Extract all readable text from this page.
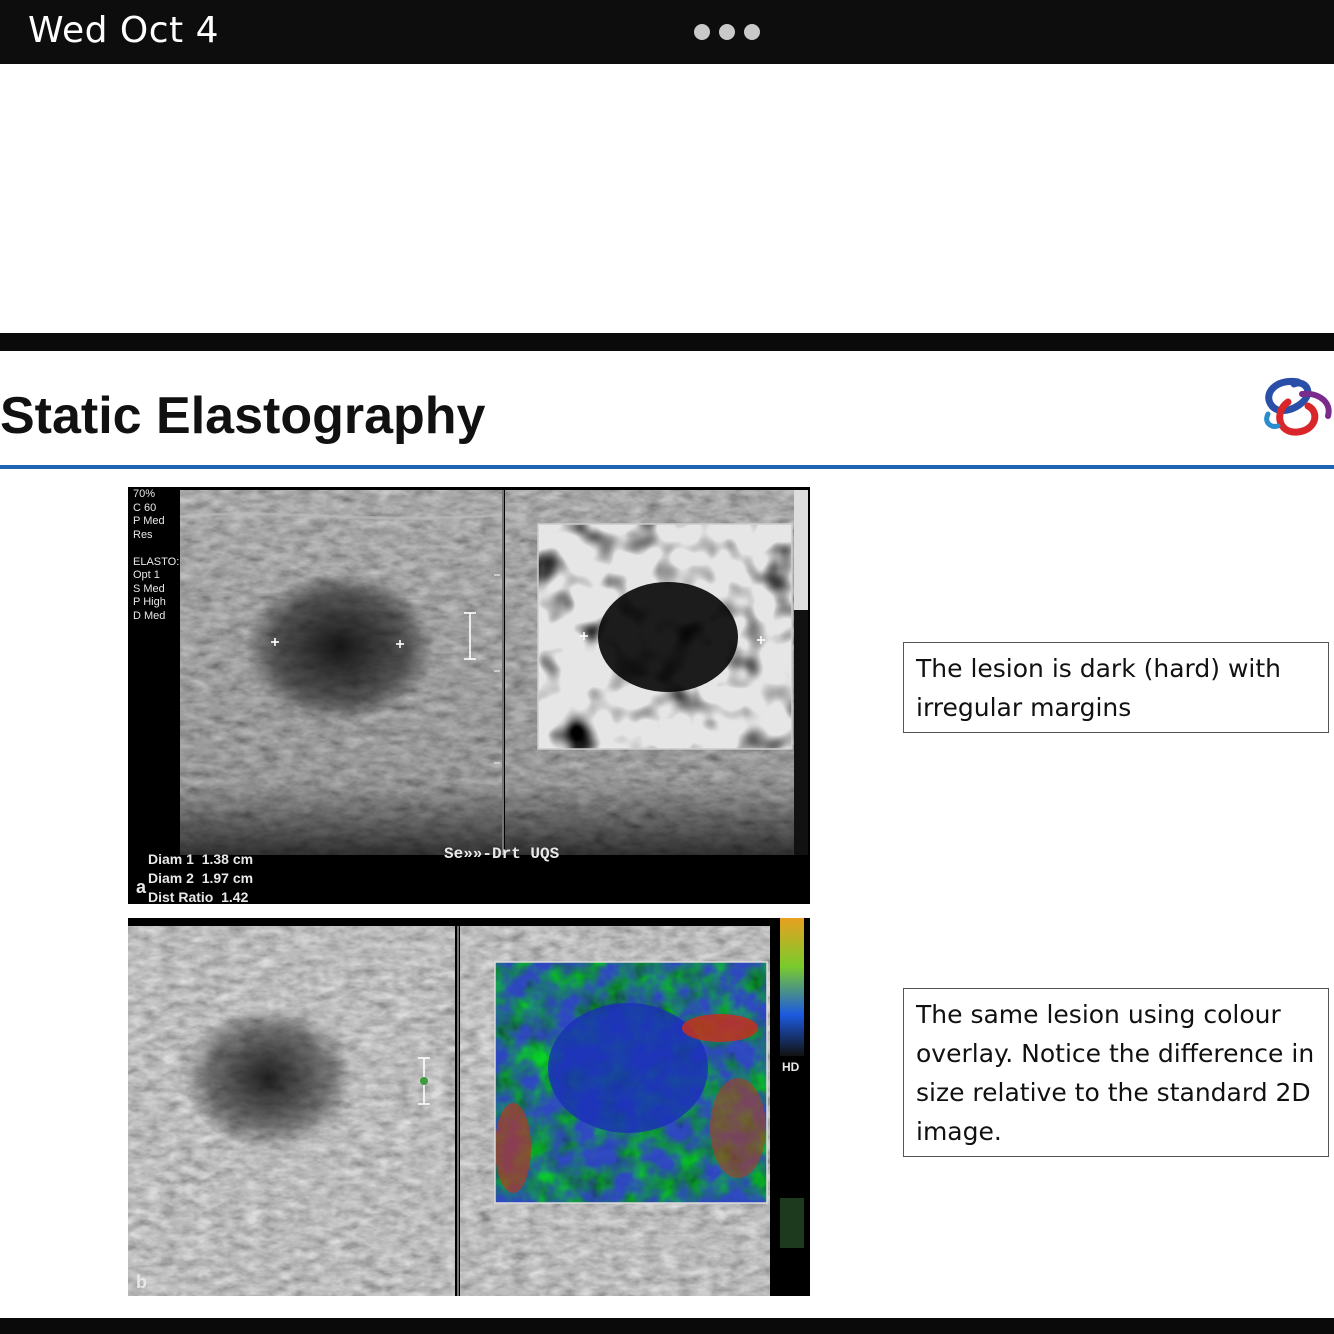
Wed Oct 4
Static Elastography
70%
C 60
P Med
Res

ELASTO:
Opt 1
S Med
P High
D Med
Diam 1  1.38 cm
Diam 2  1.97 cm
Dist Ratio  1.42
Se»»-Drt UQS
a
HD
b
The lesion is dark (hard) with irregular margins
The same lesion using colour overlay. Notice the difference in size relative to the standard 2D image.
